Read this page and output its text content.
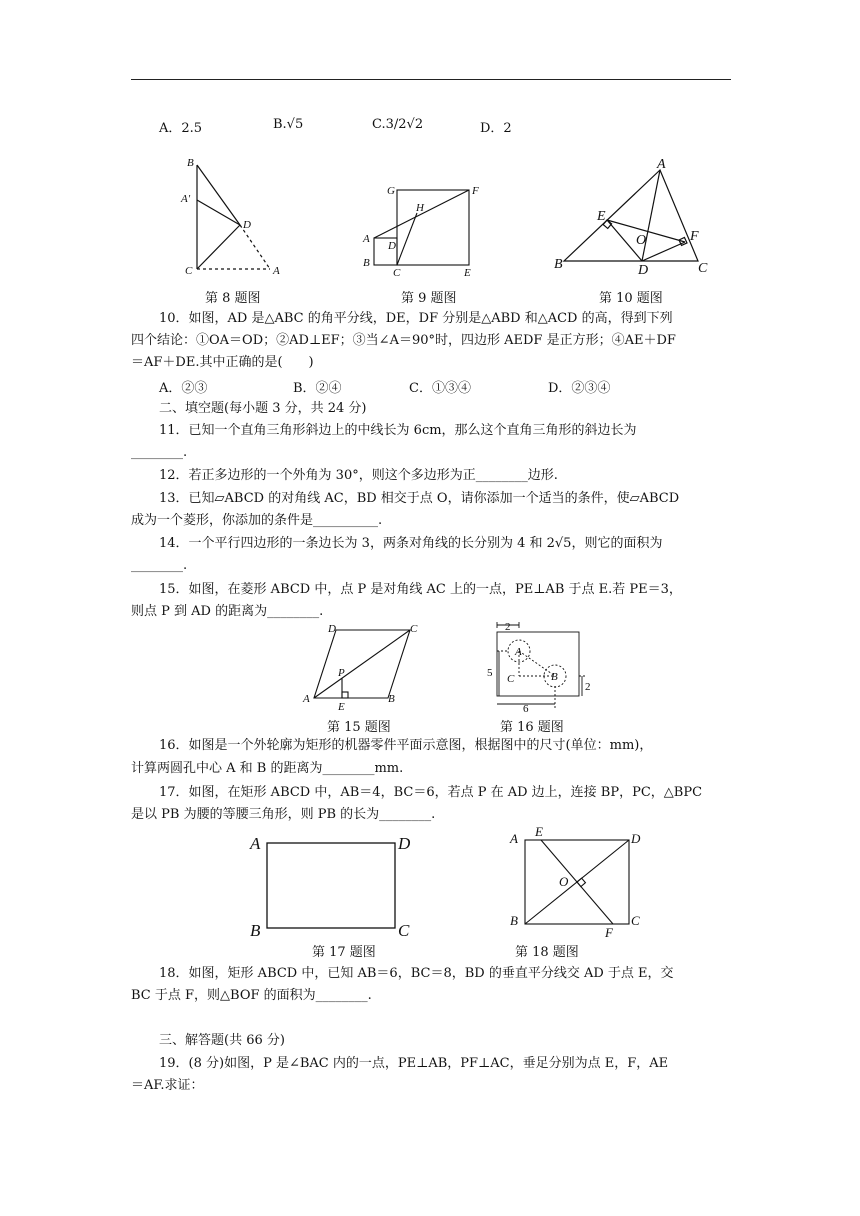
A．2.5	B.√5	C.3/2√2	D．2
B
A′
D
C	A
第 8 题图
G	F
H
A
D
B
C	E
第 9 题图
A
E
O	F
B	D	C
第 10 题图
10．如图，AD 是△ABC 的角平分线，DE，DF 分别是△ABD 和△ACD 的高，得到下列
四个结论：①OA＝OD；②AD⊥EF；③当∠A＝90°时，四边形 AEDF 是正方形；④AE＋DF
＝AF＋DE.其中正确的是(　　)
A．②③	B．②④	C．①③④	D．②③④
二、填空题(每小题 3 分，共 24 分)
11．已知一个直角三角形斜边上的中线长为 6cm，那么这个直角三角形的斜边长为
________.
12．若正多边形的一个外角为 30°，则这个多边形为正________边形.
13．已知▱ABCD 的对角线 AC，BD 相交于点 O，请你添加一个适当的条件，使▱ABCD
成为一个菱形，你添加的条件是__________.
14．一个平行四边形的一条边长为 3，两条对角线的长分别为 4 和 2√5，则它的面积为
________.
15．如图，在菱形 ABCD 中，点 P 是对角线 AC 上的一点，PE⊥AB 于点 E.若 PE＝3，
则点 P 到 AD 的距离为________.
D	C
P
A
E
B
第 15 题图
2
A
5 C	B
2
6
第 16 题图
16．如图是一个外轮廓为矩形的机器零件平面示意图，根据图中的尺寸(单位：mm)，
计算两圆孔中心 A 和 B 的距离为________mm.
17．如图，在矩形 ABCD 中，AB＝4，BC＝6，若点 P 在 AD 边上，连接 BP，PC，△BPC
是以 PB 为腰的等腰三角形，则 PB 的长为________.
A	D
B	C
第 17 题图
A E	D
O
B
F
C
第 18 题图
18．如图，矩形 ABCD 中，已知 AB＝6，BC＝8，BD 的垂直平分线交 AD 于点 E，交
BC 于点 F，则△BOF 的面积为________.
三、解答题(共 66 分)
19．(8 分)如图，P 是∠BAC 内的一点，PE⊥AB，PF⊥AC，垂足分别为点 E，F，AE
＝AF.求证：
